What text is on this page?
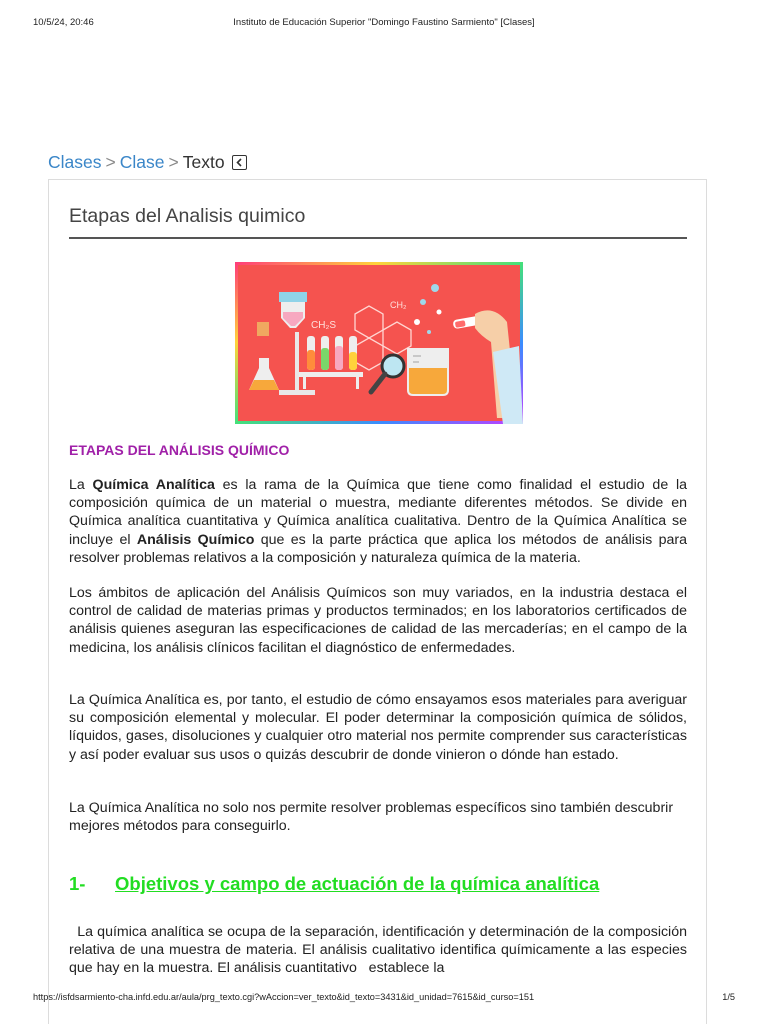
10/5/24, 20:46	Instituto de Educación Superior "Domingo Faustino Sarmiento" [Clases]
Clases > Clase > Texto
Etapas del Analisis quimico
CH₂S
CH₂
ETAPAS DEL ANÁLISIS QUÍMICO

La Química Analítica es la rama de la Química que tiene como finalidad el estudio de la composición química de un material o muestra, mediante diferentes métodos. Se divide en Química analítica cuantitativa y Química analítica cualitativa. Dentro de la Química Analítica se incluye el Análisis Químico que es la parte práctica que aplica los métodos de análisis para resolver problemas relativos a la composición y naturaleza química de la materia.

Los ámbitos de aplicación del Análisis Químicos son muy variados, en la industria destaca el control de calidad de materias primas y productos terminados; en los laboratorios certificados de análisis quienes aseguran las especificaciones de calidad de las mercaderías; en el campo de la medicina, los análisis clínicos facilitan el diagnóstico de enfermedades.

La Química Analítica es, por tanto, el estudio de cómo ensayamos esos materiales para averiguar su composición elemental y molecular. El poder determinar la composición química de sólidos, líquidos, gases, disoluciones y cualquier otro material nos permite comprender sus características y así poder evaluar sus usos o quizás descubrir de donde vinieron o dónde han estado.

La Química Analítica no solo nos permite resolver problemas específicos sino también descubrir mejores métodos para conseguirlo.

1-	Objetivos y campo de actuación de la química analítica

La química analítica se ocupa de la separación, identificación y determinación de la composición relativa de una muestra de materia. El análisis cualitativo identifica químicamente a las especies que hay en la muestra. El análisis cuantitativo   establece la

https://isfdsarmiento-cha.infd.edu.ar/aula/prg_texto.cgi?wAccion=ver_texto&id_texto=3431&id_unidad=7615&id_curso=151	1/5
